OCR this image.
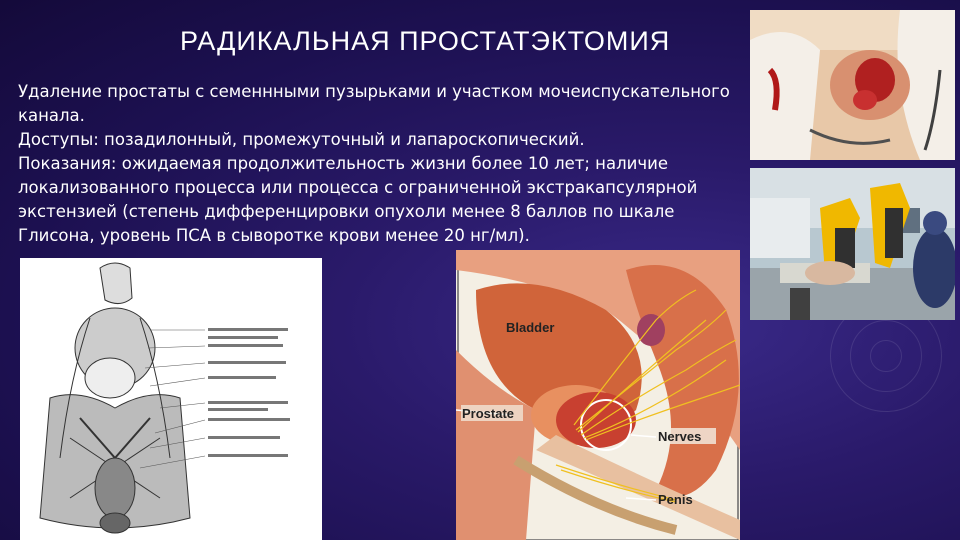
РАДИКАЛЬНАЯ ПРОСТАТЭКТОМИЯ

Удаление простаты с семеннными пузырьками и участком мочеиспускательного канала.

Доступы: позадилонный, промежуточный и лапароскопический.

Показания: ожидаемая продолжительность жизни более 10 лет; наличие локализованного процесса или процесса с ограниченной экстракапсулярной экстензией (степень дифференцировки опухоли менее 8 баллов по шкале Глисона, уровень ПСА в сыворотке крови менее 20 нг/мл).

Bladder
Prostate
Nerves
Penis
